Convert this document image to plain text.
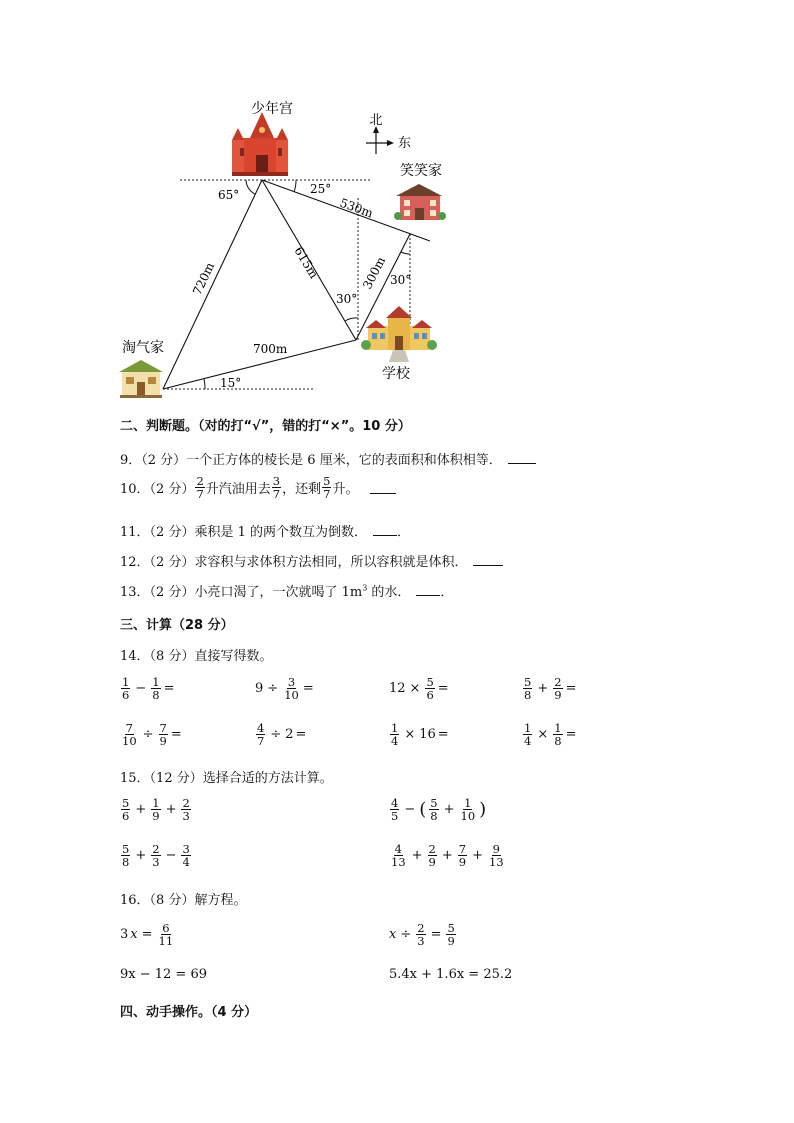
少年宫
笑笑家
淘气家
学校
北
东
65°	25°
30°
30°
15°
530m
615m
720m	300m
700m
二、判断题。（对的打“√”，错的打“×”。10 分）
9．（2 分）一个正方体的棱长是 6 厘米，它的表面积和体积相等．
10．（2 分） $\frac{2}{7}$ 升汽油用去 $\frac{3}{7}$ ，还剩 $\frac{5}{7}$ 升。
11．（2 分）乘积是 1 的两个数互为倒数． ．
12．（2 分）求容积与求体积方法相同，所以容积就是体积．
13．（2 分）小亮口渴了，一次就喝了 $1m^3$ 的水． ．
三、计算（28 分）
14．（8 分）直接写得数。
$\frac{1}{6} - \frac{1}{8}$ =	$9 \div \frac{3}{10}$ =	$12 \times \frac{5}{6}$ =	$\frac{5}{8} + \frac{2}{9}$ =
$\frac{7}{10} \div \frac{7}{9}$ =	$\frac{4}{7} \div 2$ =	$\frac{1}{4} \times 16$ =	$\frac{1}{4} \times \frac{1}{8}$ =
15．（12 分）选择合适的方法计算。
$\frac{5}{6} + \frac{1}{9} + \frac{2}{3}$	$\frac{4}{5}$ − ( $\frac{5}{8} + \frac{1}{10}$ )
$\frac{5}{8} + \frac{2}{3} - \frac{3}{4}$	$\frac{4}{13} + \frac{2}{9} + \frac{7}{9} + \frac{9}{13}$
16．（8 分）解方程。
3 $x = \frac{6}{11}$	$x \div \frac{2}{3} = \frac{5}{9}$
9x − 12 = 69	5.4x + 1.6x = 25.2
四、动手操作。（4 分）
